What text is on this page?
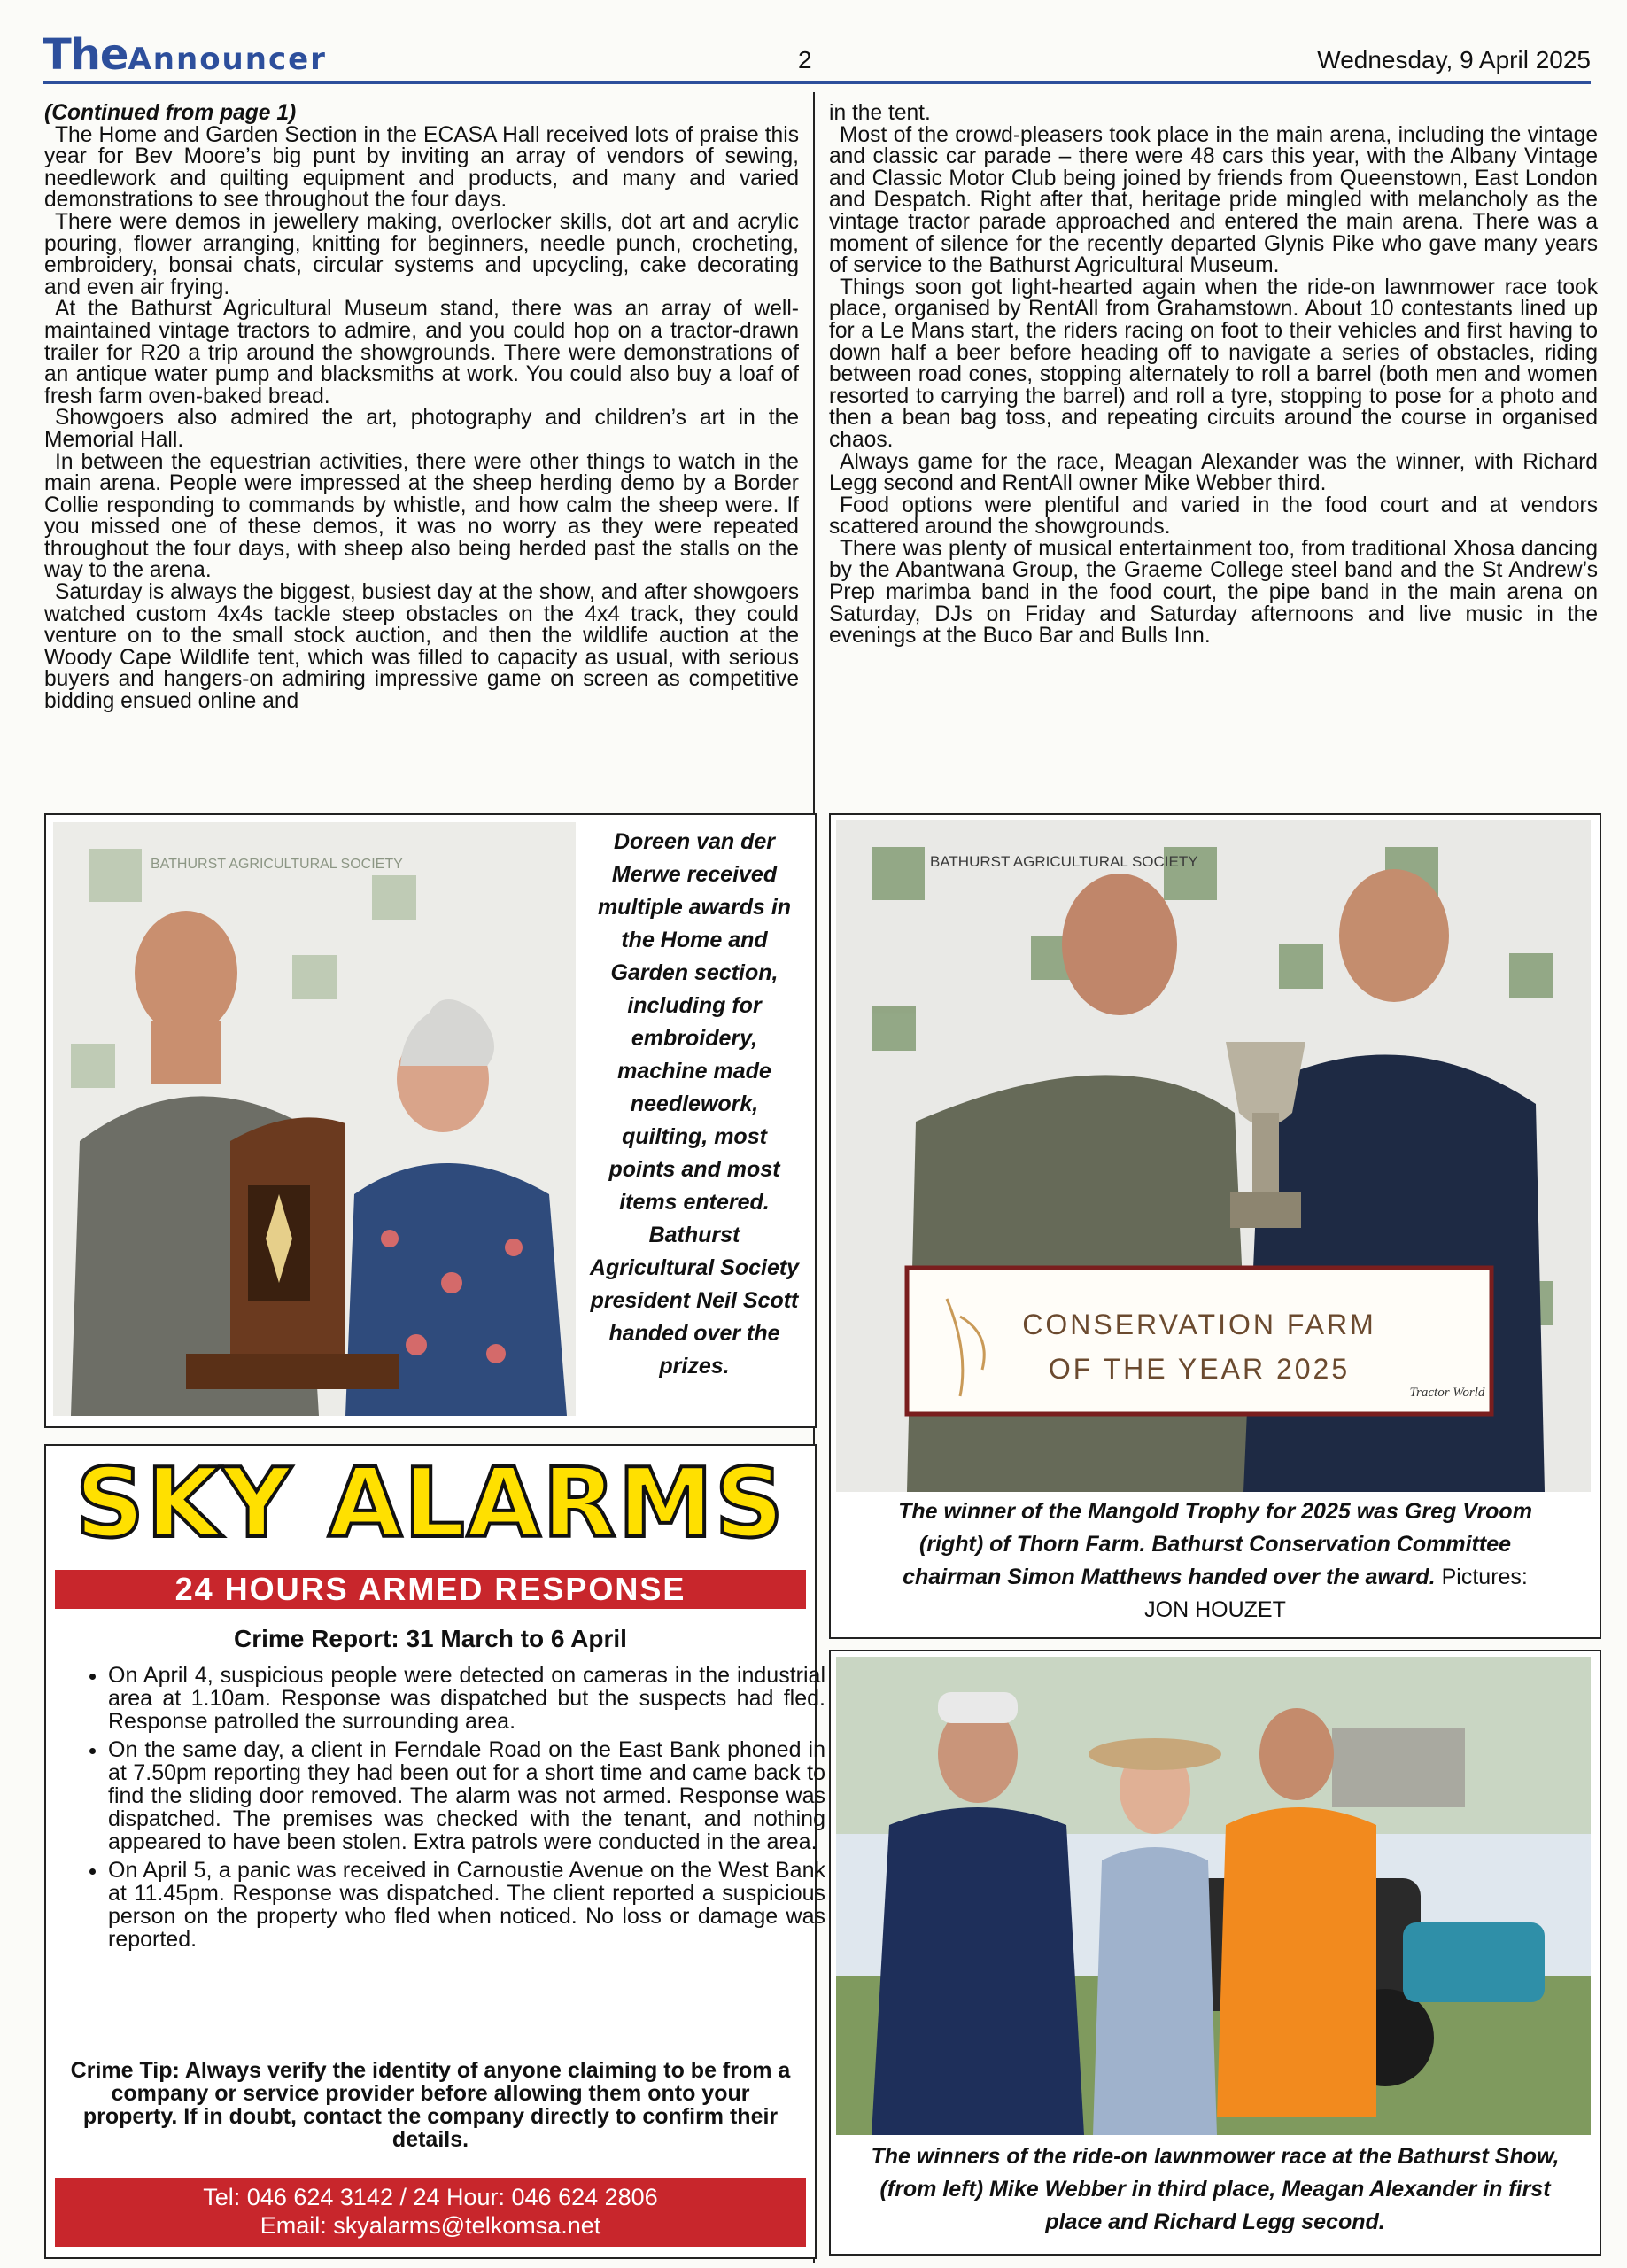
TheAnnouncer	2	Wednesday, 9 April 2025

(Continued from page 1)

The Home and Garden Section in the ECASA Hall received lots of praise this year for Bev Moore’s big punt by inviting an array of vendors of sewing, needlework and quilting equipment and products, and many and varied demonstrations to see throughout the four days.

There were demos in jewellery making, overlocker skills, dot art and acrylic pouring, flower arranging, knitting for beginners, needle punch, crocheting, embroidery, bonsai chats, circular systems and upcycling, cake decorating and even air frying.

At the Bathurst Agricultural Museum stand, there was an array of well-maintained vintage tractors to admire, and you could hop on a tractor-drawn trailer for R20 a trip around the showgrounds. There were demonstrations of an antique water pump and blacksmiths at work. You could also buy a loaf of fresh farm oven-baked bread.

Showgoers also admired the art, photography and children’s art in the Memorial Hall.

In between the equestrian activities, there were other things to watch in the main arena. People were impressed at the sheep herding demo by a Border Collie responding to commands by whistle, and how calm the sheep were. If you missed one of these demos, it was no worry as they were repeated throughout the four days, with sheep also being herded past the stalls on the way to the arena.

Saturday is always the biggest, busiest day at the show, and after showgoers watched custom 4x4s tackle steep obstacles on the 4x4 track, they could venture on to the small stock auction, and then the wildlife auction at the Woody Cape Wildlife tent, which was filled to capacity as usual, with serious buyers and hangers-on admiring impressive game on screen as competitive bidding ensued online and

in the tent.

Most of the crowd-pleasers took place in the main arena, including the vintage and classic car parade – there were 48 cars this year, with the Albany Vintage and Classic Motor Club being joined by friends from Queenstown, East London and Despatch. Right after that, heritage pride mingled with melancholy as the vintage tractor parade approached and entered the main arena. There was a moment of silence for the recently departed Glynis Pike who gave many years of service to the Bathurst Agricultural Museum.

Things soon got light-hearted again when the ride-on lawnmower race took place, organised by RentAll from Grahamstown. About 10 contestants lined up for a Le Mans start, the riders racing on foot to their vehicles and first having to down half a beer before heading off to navigate a series of obstacles, riding between road cones, stopping alternately to roll a barrel (both men and women resorted to carrying the barrel) and roll a tyre, stopping to pose for a photo and then a bean bag toss, and repeating circuits around the course in organised chaos.

Always game for the race, Meagan Alexander was the winner, with Richard Legg second and RentAll owner Mike Webber third.

Food options were plentiful and varied in the food court and at vendors scattered around the showgrounds.

There was plenty of musical entertainment too, from traditional Xhosa dancing by the Abantwana Group, the Graeme College steel band and the St Andrew’s Prep marimba band in the food court, the pipe band in the main arena on Saturday, DJs on Friday and Saturday afternoons and live music in the evenings at the Buco Bar and Bulls Inn.

BATHURST AGRICULTURAL SOCIETY
Doreen van der Merwe received multiple awards in the Home and Garden section, including for embroidery, machine made needlework, quilting, most points and most items entered. Bathurst Agricultural Society president Neil Scott handed over the prizes.
BATHURST AGRICULTURAL SOCIETY
CONSERVATION FARM
OF THE YEAR 2025
Tractor World
The winner of the Mangold Trophy for 2025 was Greg Vroom (right) of Thorn Farm. Bathurst Conservation Committee chairman Simon Matthews handed over the award. Pictures: JON HOUZET
The winners of the ride-on lawnmower race at the Bathurst Show, (from left) Mike Webber in third place, Meagan Alexander in first place and Richard Legg second.
SKY ALARMS
24 HOURS ARMED RESPONSE
Crime Report: 31 March to 6 April
• On April 4, suspicious people were detected on cameras in the industrial area at 1.10am. Response was dispatched but the suspects had fled. Response patrolled the surrounding area.
• On the same day, a client in Ferndale Road on the East Bank phoned in at 7.50pm reporting they had been out for a short time and came back to find the sliding door removed. The alarm was not armed. Response was dispatched. The premises was checked with the tenant, and nothing appeared to have been stolen. Extra patrols were conducted in the area.
• On April 5, a panic was received in Carnoustie Avenue on the West Bank at 11.45pm. Response was dispatched. The client reported a suspicious person on the property who fled when noticed. No loss or damage was reported.
Crime Tip: Always verify the identity of anyone claiming to be from a company or service provider before allowing them onto your property. If in doubt, contact the company directly to confirm their details.
Tel: 046 624 3142 / 24 Hour: 046 624 2806
Email: skyalarms@telkomsa.net
